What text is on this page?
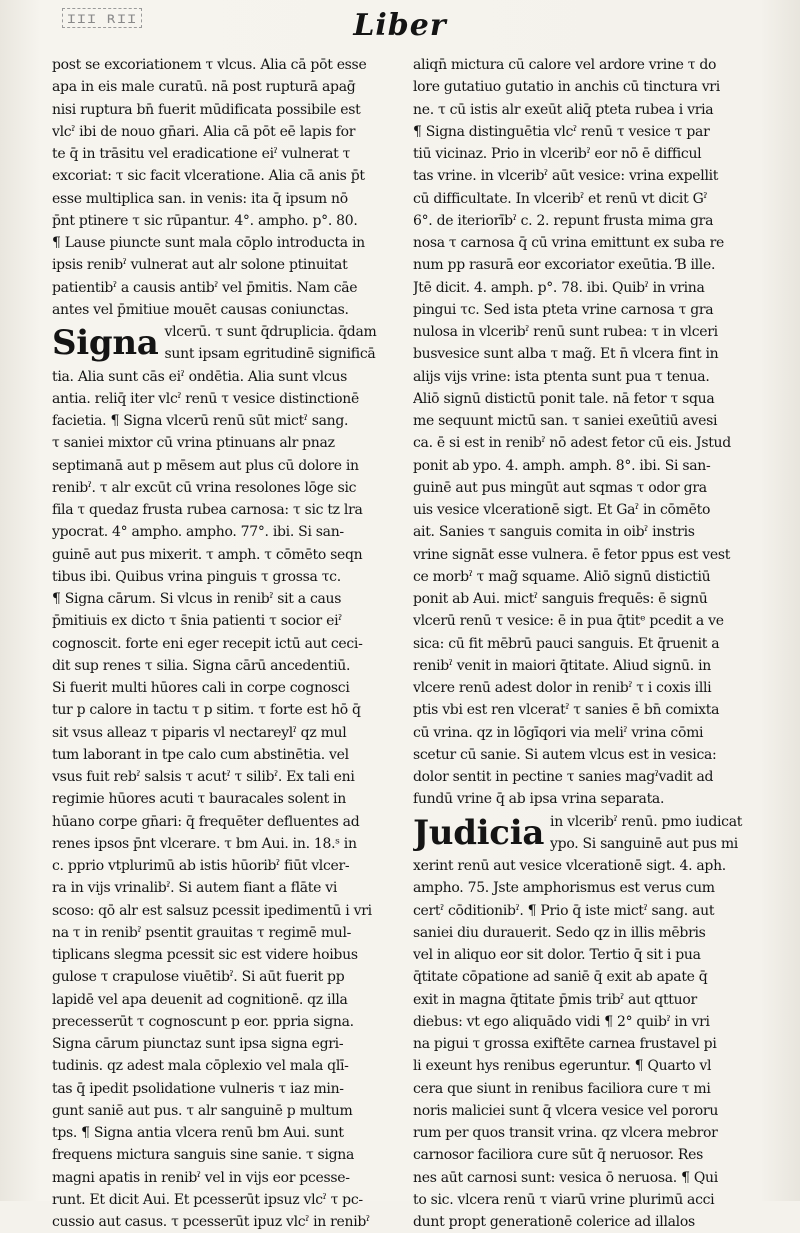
ɪɪɪ ʀɪɪ	Liber
post se excoriationem τ vlcus. Alia cā pōt esse
apa in eis male curatū. nā post rupturā apaḡ
nisi ruptura bn̄ fuerit mūdificata possibile est
vlcˀ ibi de nouo gn̄ari. Alia cā pōt eē lapis for
te q̄ in trāsitu vel eradicatione eiˀ vulnerat τ
excoriat: τ sic facit vlceratione. Alia cā anis p̄t
esse multiplica san. in venis: ita q̄ ipsum nō
p̄nt ptinere τ sic rūpantur. 4°. ampho. p°. 80.
¶ Lause piuncte sunt mala cōplo introducta in
ipsis renibˀ vulnerat aut alr solone ptinuitat
patientibˀ a causis antibˀ vel p̄mitis. Nam cāe
antes vel p̄mitiue mouēt causas coniunctas.
Signa vlcerū. τ sunt q̄druplicia. q̄dam
sunt ipsam egritudinē significā
tia. Alia sunt cās eiˀ ondētia. Alia sunt vlcus
antia. reliq̄ iter vlcˀ renū τ vesice distinctionē
facietia. ¶ Signa vlcerū renū sūt mictˀ sang.
τ saniei mixtor cū vrina ptinuans alr pnaz
septimanā aut p mēsem aut plus cū dolore in
renibˀ. τ alr excūt cū vrina resolones lōge sic
fila τ quedaz frusta rubea carnosa: τ sic tz lra
ypocrat. 4° ampho. ampho. 77°. ibi. Si san-
guinē aut pus mixerit. τ amph. τ cōmēto seqn
tibus ibi. Quibus vrina pinguis τ grossa τc.
¶ Signa cārum. Si vlcus in renibˀ sit a caus
p̄mitiuis ex dicto τ s̄nia patienti τ socior eiˀ
cognoscit. forte eni eger recepit ictū aut ceci-
dit sup renes τ silia. Signa cārū ancedentiū.
Si fuerit multi hūores cali in corpe cognosci
tur p calore in tactu τ p sitim. τ forte est hō q̄
sit vsus alleaz τ piparis vl nectareylˀ qz mul
tum laborant in tpe calo cum abstinētia. vel
vsus fuit rebˀ salsis τ acutˀ τ silibˀ. Ex tali eni
regimie hūores acuti τ bauracales solent in
hūano corpe gn̄ari: q̄ frequēter defluentes ad
renes ipsos p̄nt vlcerare. τ bm Aui. in. 18.ˢ in
c. pprio vtplurimū ab istis hūoribˀ fiūt vlcer-
ra in vijs vrinalibˀ. Si autem fiant a flāte vi
scoso: qō alr est salsuz pcessit ipedimentū i vri
na τ in renibˀ psentit grauitas τ regimē mul-
tiplicans slegma pcessit sic est videre hoibus
gulose τ crapulose viuētibˀ. Si aūt fuerit pp
lapidē vel apa deuenit ad cognitionē. qz illa
precesserūt τ cognoscunt p eor. ppria signa.
Signa cārum piunctaz sunt ipsa signa egri-
tudinis. qz adest mala cōplexio vel mala qlī-
tas q̄ ipedit psolidatione vulneris τ iaz min-
gunt saniē aut pus. τ alr sanguinē p multum
tps. ¶ Signa antia vlcera renū bm Aui. sunt
frequens mictura sanguis sine sanie. τ signa
magni apatis in renibˀ vel in vijs eor pcesse-
runt. Et dicit Aui. Et pcesserūt ipsuz vlcˀ τ pc-
cussio aut casus. τ pcesserūt ipuz vlcˀ in renibˀ
aliqn̄ mictura cū calore vel ardore vrine τ do
lore gutatiuo gutatio in anchis cū tinctura vri
ne. τ cū istis alr exeūt aliq̄ pteta rubea i vria
¶ Signa distinguētia vlcˀ renū τ vesice τ par
tiū vicinaz. Prio in vlceribˀ eor nō ē difficul
tas vrine. in vlceribˀ aūt vesice: vrina expellit
cū difficultate. In vlceribˀ et renū vt dicit Gˀ
6°. de iteriorībˀ c. 2. repunt frusta mima gra
nosa τ carnosa q̄ cū vrina emittunt ex suba re
num pp rasurā eor excoriator exeūtia. Ɓ ille.
Jtē dicit. 4. amph. p°. 78. ibi. Quibˀ in vrina
pingui τc. Sed ista pteta vrine carnosa τ gra
nulosa in vlceribˀ renū sunt rubea: τ in vlceri
busvesice sunt alba τ mag̃. Et n̄ vlcera fint in
alijs vijs vrine: ista ptenta sunt pua τ tenua.
Aliō signū distictū ponit tale. nā fetor τ squa
me sequunt mictū san. τ saniei exeūtiū avesi
ca. ē si est in renibˀ nō adest fetor cū eis. Jstud
ponit ab ypo. 4. amph. amph. 8°. ibi. Si san-
guinē aut pus mingūt aut sqmas τ odor gra
uis vesice vlcerationē sigt. Et Gaˀ in cōmēto
ait. Sanies τ sanguis comita in oibˀ instris
vrine signāt esse vulnera. ē fetor ppus est vest
ce morbˀ τ mag̃ squame. Aliō signū distictiū
ponit ab Aui. mictˀ sanguis frequēs: ē signū
vlcerū renū τ vesice: ē in pua q̄titᵉ pcedit a ve
sica: cū fit mēbrū pauci sanguis. Et q̄ruenit a
renibˀ venit in maiori q̄titate. Aliud signū. in
vlcere renū adest dolor in renibˀ τ i coxis illi
ptis vbi est ren vlceratˀ τ sanies ē bn̄ comixta
cū vrina. qz in lōgīqori via meliˀ vrina cōmi
scetur cū sanie. Si autem vlcus est in vesica:
dolor sentit in pectine τ sanies magˀvadit ad
fundū vrine q̄ ab ipsa vrina separata.
Judicia in vlceribˀ renū. pmo iudicat
ypo. Si sanguinē aut pus mi
xerint renū aut vesice vlcerationē sigt. 4. aph.
ampho. 75. Jste amphorismus est verus cum
certˀ cōditionibˀ. ¶ Prio q̄ iste mictˀ sang. aut
saniei diu durauerit. Sedo qz in illis mēbris
vel in aliquo eor sit dolor. Tertio q̄ sit i pua
q̄titate cōpatione ad saniē q̄ exit ab apate q̄
exit in magna q̄titate p̄mis tribˀ aut qttuor
diebus: vt ego aliquādo vidi ¶ 2° quibˀ in vri
na pigui τ grossa exiftēte carnea frustavel pi
li exeunt hys renibus egeruntur. ¶ Quarto vl
cera que siunt in renibus faciliora cure τ mi
noris maliciei sunt q̄ vlcera vesice vel pororu
rum per quos transit vrina. qz vlcera mebror
carnosor faciliora cure sūt q̄ neruosor. Res
nes aūt carnosi sunt: vesica ō neruosa. ¶ Qui
to sic. vlcera renū τ viarū vrine plurimū acci
dunt propt generationē colerice ad illalos
